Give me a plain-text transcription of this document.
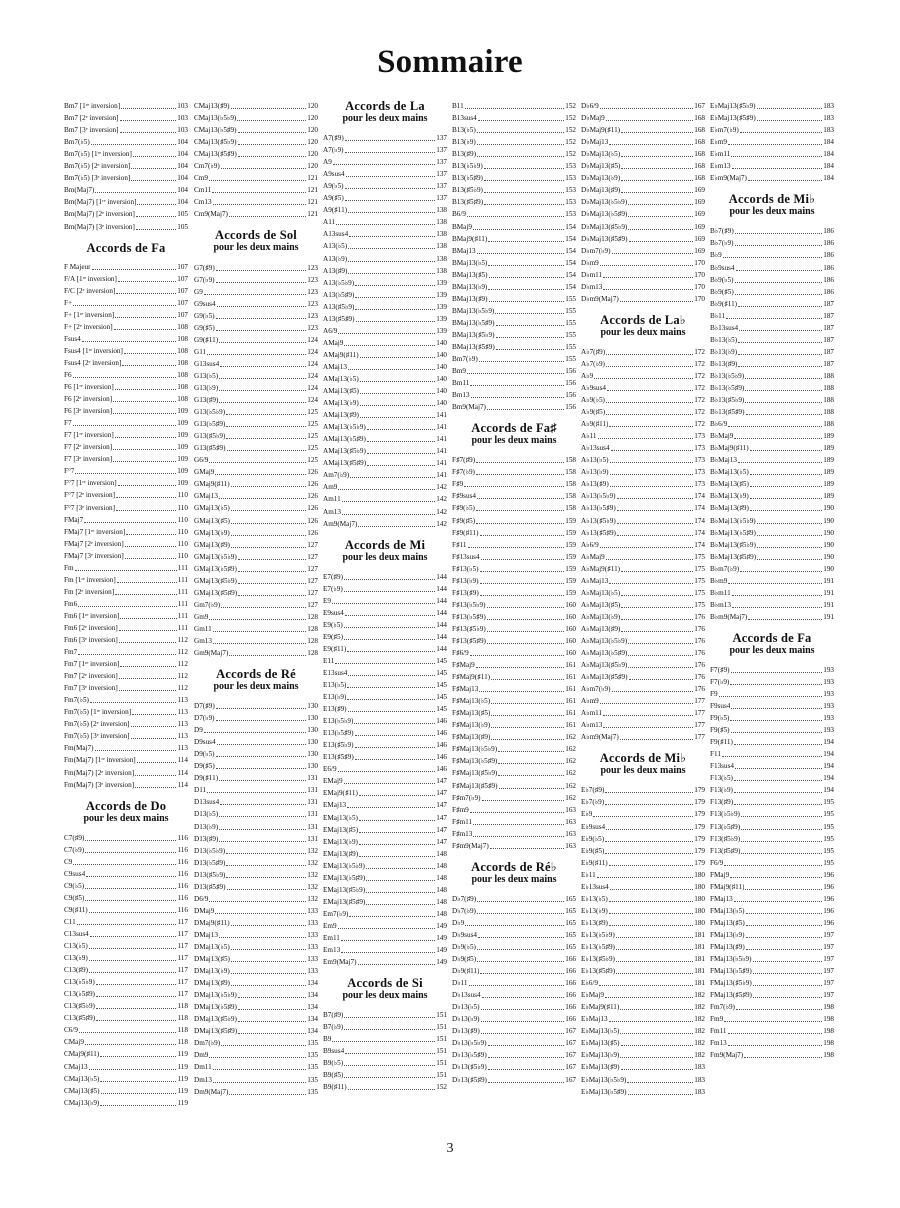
Sommaire
Bm7 [1ʳᵉ inversion]	103
Bm7 [2ᵉ inversion]	103
Bm7 [3ᵉ inversion]	103
Bm7(♭5)	104
Bm7(♭5) [1ʳᵉ inversion]	104
Bm7(♭5) [2ᵉ inversion]	104
Bm7(♭5) [3ᵉ inversion]	104
Bm(Maj7)	104
Bm(Maj7) [1ʳᵉ inversion]	104
Bm(Maj7) [2ᵉ inversion]	105
Bm(Maj7) [3ᵉ inversion]	105
Accords de Fa
F Majeur	107
F/A [1ʳᵉ inversion]	107
F/C [2ᵉ inversion]	107
F+	107
F+ [1ʳᵉ inversion]	107
F+ [2ᵉ inversion]	108
Fsus4	108
Fsus4 [1ʳᵉ inversion]	108
Fsus4 [2ᵉ inversion]	108
F6	108
F6 [1ʳᵉ inversion]	108
F6 [2ᵉ inversion]	108
F6 [3ᵉ inversion]	109
F7	109
F7 [1ʳᵉ inversion]	109
F7 [2ᵉ inversion]	109
F7 [3ᵉ inversion]	109
F°7	109
F°7 [1ʳᵉ inversion]	109
F°7 [2ᵉ inversion]	110
F°7 [3ᵉ inversion]	110
FMaj7	110
FMaj7 [1ʳᵉ inversion]	110
FMaj7 [2ᵉ inversion]	110
FMaj7 [3ᵉ inversion]	110
Fm	111
Fm [1ʳᵉ inversion]	111
Fm [2ᵉ inversion]	111
Fm6	111
Fm6 [1ʳᵉ inversion]	111
Fm6 [2ᵉ inversion]	111
Fm6 [3ᵉ inversion]	112
Fm7	112
Fm7 [1ʳᵉ inversion]	112
Fm7 [2ᵉ inversion]	112
Fm7 [3ᵉ inversion]	112
Fm7(♭5)	113
Fm7(♭5) [1ʳᵉ inversion]	113
Fm7(♭5) [2ᵉ inversion]	113
Fm7(♭5) [3ᵉ inversion]	113
Fm(Maj7)	113
Fm(Maj7) [1ʳᵉ inversion]	114
Fm(Maj7) [2ᵉ inversion]	114
Fm(Maj7) [3ᵉ inversion]	114
Accords de Do
pour les deux mains
C7(♯9)	116
C7(♭9)	116
C9	116
C9sus4	116
C9(♭5)	116
C9(♯5)	116
C9(♯11)	116
C11	117
C13sus4	117
C13(♭5)	117
C13(♭9)	117
C13(♯9)	117
C13(♭5♭9)	117
C13(♭5♯9)	117
C13(♯5♭9)	118
C13(♯5♯9)	118
C6/9	118
CMaj9	118
CMaj9(♯11)	119
CMaj13	119
CMaj13(♭5)	119
CMaj13(♯5)	119
CMaj13(♭9)	119
CMaj13(♯9)	120
CMaj13(♭5♭9)	120
CMaj13(♭5♯9)	120
CMaj13(♯5♭9)	120
CMaj13(♯5♯9)	120
Cm7(♭9)	120
Cm9	121
Cm11	121
Cm13	121
Cm9(Maj7)	121
Accords de Sol
pour les deux mains
G7(♯9)	123
G7(♭9)	123
G9	123
G9sus4	123
G9(♭5)	123
G9(♯5)	123
G9(♯11)	124
G11	124
G13sus4	124
G13(♭5)	124
G13(♭9)	124
G13(♯9)	124
G13(♭5♭9)	125
G13(♭5♯9)	125
G13(♯5♭9)	125
G13(♯5♯9)	125
G6/9	125
GMaj9	126
GMaj9(♯11)	126
GMaj13	126
GMaj13(♭5)	126
GMaj13(♯5)	126
GMaj13(♭9)	126
GMaj13(♯9)	127
GMaj13(♭5♭9)	127
GMaj13(♭5♯9)	127
GMaj13(♯5♭9)	127
GMaj13(♯5♯9)	127
Gm7(♭9)	127
Gm9	128
Gm11	128
Gm13	128
Gm9(Maj7)	128
Accords de Ré
pour les deux mains
D7(♯9)	130
D7(♭9)	130
D9	130
D9sus4	130
D9(♭5)	130
D9(♯5)	130
D9(♯11)	131
D11	131
D13sus4	131
D13(♭5)	131
D13(♭9)	131
D13(♯9)	131
D13(♭5♭9)	132
D13(♭5♯9)	132
D13(♯5♭9)	132
D13(♯5♯9)	132
D6/9	132
DMaj9	133
DMaj9(♯11)	133
DMaj13	133
DMaj13(♭5)	133
DMaj13(♯5)	133
DMaj13(♭9)	133
DMaj13(♯9)	134
DMaj13(♭5♭9)	134
DMaj13(♭5♯9)	134
DMaj13(♯5♭9)	134
DMaj13(♯5♯9)	134
Dm7(♭9)	135
Dm9	135
Dm11	135
Dm13	135
Dm9(Maj7)	135
Accords de La
pour les deux mains
A7(♯9)	137
A7(♭9)	137
A9	137
A9sus4	137
A9(♭5)	137
A9(♯5)	137
A9(♯11)	138
A11	138
A13sus4	138
A13(♭5)	138
A13(♭9)	138
A13(♯9)	138
A13(♭5♭9)	139
A13(♭5♯9)	139
A13(♯5♭9)	139
A13(♯5♯9)	139
A6/9	139
AMaj9	140
AMaj9(♯11)	140
AMaj13	140
AMaj13(♭5)	140
AMaj13(♯5)	140
AMaj13(♭9)	140
AMaj13(♯9)	141
AMaj13(♭5♭9)	141
AMaj13(♭5♯9)	141
AMaj13(♯5♭9)	141
AMaj13(♯5♯9)	141
Am7(♭9)	141
Am9	142
Am11	142
Am13	142
Am9(Maj7)	142
Accords de Mi
pour les deux mains
E7(♯9)	144
E7(♭9)	144
E9	144
E9sus4	144
E9(♭5)	144
E9(♯5)	144
E9(♯11)	144
E11	145
E13sus4	145
E13(♭5)	145
E13(♭9)	145
E13(♯9)	145
E13(♭5♭9)	146
E13(♭5♯9)	146
E13(♯5♭9)	146
E13(♯5♯9)	146
E6/9	146
EMaj9	147
EMaj9(♯11)	147
EMaj13	147
EMaj13(♭5)	147
EMaj13(♯5)	147
EMaj13(♭9)	147
EMaj13(♯9)	148
EMaj13(♭5♭9)	148
EMaj13(♭5♯9)	148
EMaj13(♯5♭9)	148
EMaj13(♯5♯9)	148
Em7(♭9)	148
Em9	149
Em11	149
Em13	149
Em9(Maj7)	149
Accords de Si
pour les deux mains
B7(♯9)	151
B7(♭9)	151
B9	151
B9sus4	151
B9(♭5)	151
B9(♯5)	151
B9(♯11)	152
B11	152
B13sus4	152
B13(♭5)	152
B13(♭9)	152
B13(♯9)	152
B13(♭5♭9)	153
B13(♭5♯9)	153
B13(♯5♭9)	153
B13(♯5♯9)	153
B6/9	153
BMaj9	154
BMaj9(♯11)	154
BMaj13	154
BMaj13(♭5)	154
BMaj13(♯5)	154
BMaj13(♭9)	154
BMaj13(♯9)	155
BMaj13(♭5♭9)	155
BMaj13(♭5♯9)	155
BMaj13(♯5♭9)	155
BMaj13(♯5♯9)	155
Bm7(♭9)	155
Bm9	156
Bm11	156
Bm13	156
Bm9(Maj7)	156
Accords de Fa♯
pour les deux mains
F♯7(♯9)	158
F♯7(♭9)	158
F♯9	158
F♯9sus4	158
F♯9(♭5)	158
F♯9(♯5)	159
F♯9(♯11)	159
F♯11	159
F♯13sus4	159
F♯13(♭5)	159
F♯13(♭9)	159
F♯13(♯9)	159
F♯13(♭5♭9)	160
F♯13(♭5♯9)	160
F♯13(♯5♭9)	160
F♯13(♯5♯9)	160
F♯6/9	160
F♯Maj9	161
F♯Maj9(♯11)	161
F♯Maj13	161
F♯Maj13(♭5)	161
F♯Maj13(♯5)	161
F♯Maj13(♭9)	161
F♯Maj13(♯9)	162
F♯Maj13(♭5♭9)	162
F♯Maj13(♭5♯9)	162
F♯Maj13(♯5♭9)	162
F♯Maj13(♯5♯9)	162
F♯m7(♭9)	162
F♯m9	163
F♯m11	163
F♯m13	163
F♯m9(Maj7)	163
Accords de Ré♭
pour les deux mains
D♭7(♯9)	165
D♭7(♭9)	165
D♭9	165
D♭9sus4	165
D♭9(♭5)	165
D♭9(♯5)	166
D♭9(♯11)	166
D♭11	166
D♭13sus4	166
D♭13(♭5)	166
D♭13(♭9)	166
D♭13(♯9)	167
D♭13(♭5♭9)	167
D♭13(♭5♯9)	167
D♭13(♯5♭9)	167
D♭13(♯5♯9)	167
D♭6/9	167
D♭Maj9	168
D♭Maj9(♯11)	168
D♭Maj13	168
D♭Maj13(♭5)	168
D♭Maj13(♯5)	168
D♭Maj13(♭9)	168
D♭Maj13(♯9)	169
D♭Maj13(♭5♭9)	169
D♭Maj13(♭5♯9)	169
D♭Maj13(♯5♭9)	169
D♭Maj13(♯5♯9)	169
D♭m7(♭9)	169
D♭m9	170
D♭m11	170
D♭m13	170
D♭m9(Maj7)	170
Accords de La♭
pour les deux mains
A♭7(♯9)	172
A♭7(♭9)	172
A♭9	172
A♭9sus4	172
A♭9(♭5)	172
A♭9(♯5)	172
A♭9(♯11)	172
A♭11	173
A♭13sus4	173
A♭13(♭5)	173
A♭13(♭9)	173
A♭13(♯9)	173
A♭13(♭5♭9)	174
A♭13(♭5♯9)	174
A♭13(♯5♭9)	174
A♭13(♯5♯9)	174
A♭6/9	174
A♭Maj9	175
A♭Maj9(♯11)	175
A♭Maj13	175
A♭Maj13(♭5)	175
A♭Maj13(♯5)	175
A♭Maj13(♭9)	176
A♭Maj13(♯9)	176
A♭Maj13(♭5♭9)	176
A♭Maj13(♭5♯9)	176
A♭Maj13(♯5♭9)	176
A♭Maj13(♯5♯9)	176
A♭m7(♭9)	176
A♭m9	177
A♭m11	177
A♭m13	177
A♭m9(Maj7)	177
Accords de Mi♭
pour les deux mains
E♭7(♯9)	179
E♭7(♭9)	179
E♭9	179
E♭9sus4	179
E♭9(♭5)	179
E♭9(♯5)	179
E♭9(♯11)	179
E♭11	180
E♭13sus4	180
E♭13(♭5)	180
E♭13(♭9)	180
E♭13(♯9)	180
E♭13(♭5♭9)	181
E♭13(♭5♯9)	181
E♭13(♯5♭9)	181
E♭13(♯5♯9)	181
E♭6/9	181
E♭Maj9	182
E♭Maj9(♯11)	182
E♭Maj13	182
E♭Maj13(♭5)	182
E♭Maj13(♯5)	182
E♭Maj13(♭9)	182
E♭Maj13(♯9)	183
E♭Maj13(♭5♭9)	183
E♭Maj13(♭5♯9)	183
E♭Maj13(♯5♭9)	183
E♭Maj13(♯5♯9)	183
E♭m7(♭9)	183
E♭m9	184
E♭m11	184
E♭m13	184
E♭m9(Maj7)	184
Accords de Mi♭
pour les deux mains
B♭7(♯9)	186
B♭7(♭9)	186
B♭9	186
B♭9sus4	186
B♭9(♭5)	186
B♭9(♯5)	186
B♭9(♯11)	187
B♭11	187
B♭13sus4	187
B♭13(♭5)	187
B♭13(♭9)	187
B♭13(♯9)	187
B♭13(♭5♭9)	188
B♭13(♭5♯9)	188
B♭13(♯5♭9)	188
B♭13(♯5♯9)	188
B♭6/9	188
B♭Maj9	189
B♭Maj9(♯11)	189
B♭Maj13	189
B♭Maj13(♭5)	189
B♭Maj13(♯5)	189
B♭Maj13(♭9)	189
B♭Maj13(♯9)	190
B♭Maj13(♭5♭9)	190
B♭Maj13(♭5♯9)	190
B♭Maj13(♯5♭9)	190
B♭Maj13(♯5♯9)	190
B♭m7(♭9)	190
B♭m9	191
B♭m11	191
B♭m13	191
B♭m9(Maj7)	191
Accords de Fa
pour les deux mains
F7(♯9)	193
F7(♭9)	193
F9	193
F9sus4	193
F9(♭5)	193
F9(♯5)	193
F9(♯11)	194
F11	194
F13sus4	194
F13(♭5)	194
F13(♭9)	194
F13(♯9)	195
F13(♭5♭9)	195
F13(♭5♯9)	195
F13(♯5♭9)	195
F13(♯5♯9)	195
F6/9	195
FMaj9	196
FMaj9(♯11)	196
FMaj13	196
FMaj13(♭5)	196
FMaj13(♯5)	196
FMaj13(♭9)	197
FMaj13(♯9)	197
FMaj13(♭5♭9)	197
FMaj13(♭5♯9)	197
FMaj13(♯5♭9)	197
FMaj13(♯5♯9)	197
Fm7(♭9)	198
Fm9	198
Fm11	198
Fm13	198
Fm9(Maj7)	198
3
